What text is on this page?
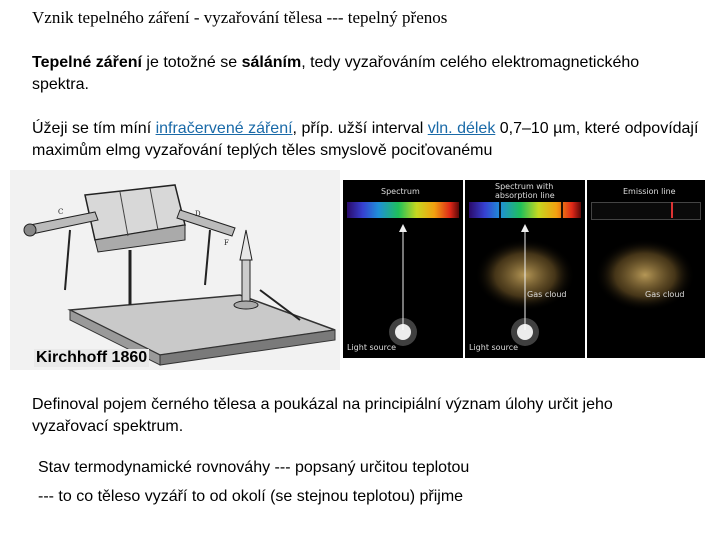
Vznik tepelného záření - vyzařování tělesa --- tepelný přenos
Tepelné záření je totožné se sáláním, tedy vyzařováním celého elektromagnetického spektra.
Úžeji se tím míní infračervené záření, příp. užší interval vln. délek 0,7–10 µm, které odpovídají maximům elmg vyzařování teplých těles smyslově pociťovanému
C	D
F
Kirchhoff 1860
Spectrum
Light source
Spectrum with
absorption line
Gas cloud
Light source
Emission line
Gas cloud
Definoval pojem černého tělesa a poukázal na principiální význam úlohy určit jeho vyzařovací spektrum.
Stav termodynamické rovnováhy --- popsaný určitou teplotou
--- to co těleso vyzáří to od okolí (se stejnou teplotou) přijme
